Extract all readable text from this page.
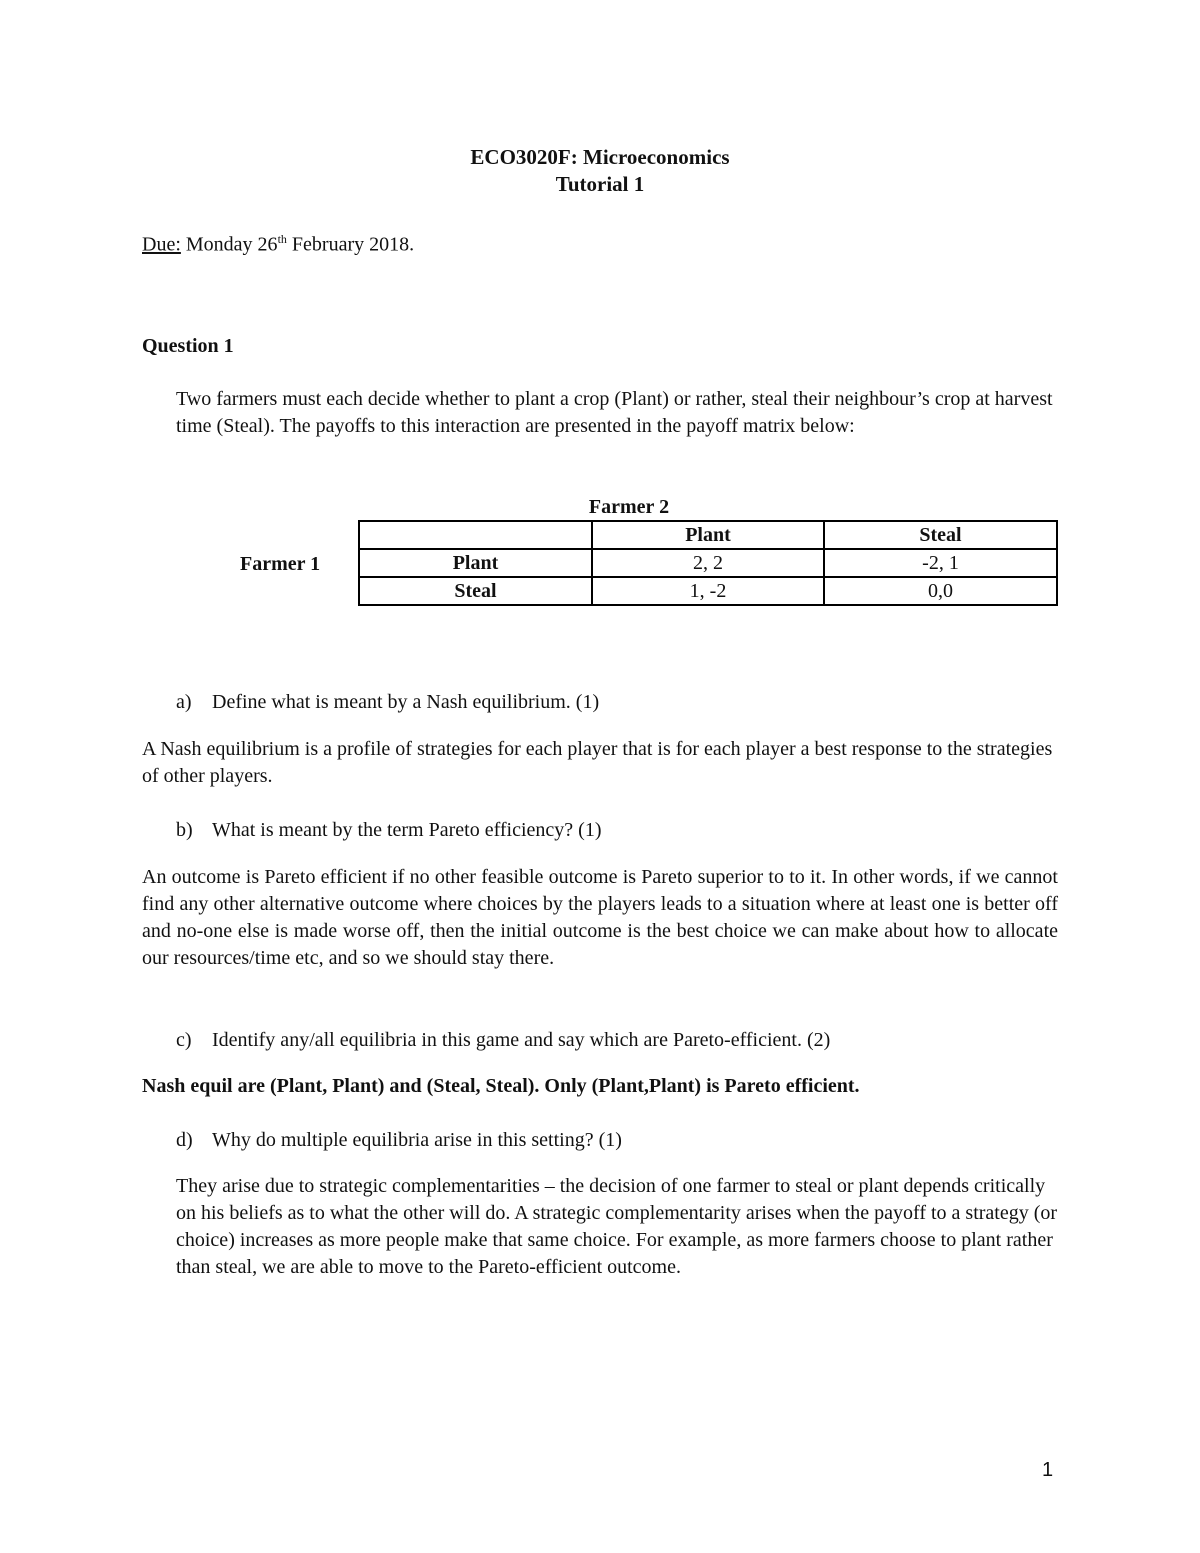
ECO3020F: Microeconomics
Tutorial 1
Due: Monday 26th February 2018.
Question 1
Two farmers must each decide whether to plant a crop (Plant) or rather, steal their neighbour’s crop at harvest time (Steal). The payoffs to this interaction are presented in the payoff matrix below:
Farmer 2
Farmer 1
	Plant	Steal
Plant	2, 2	-2, 1
Steal	1, -2	0,0
a) Define what is meant by a Nash equilibrium. (1)
A Nash equilibrium is a profile of strategies for each player that is for each player a best response to the strategies of other players.
b) What is meant by the term Pareto efficiency? (1)
An outcome is Pareto efficient if no other feasible outcome is Pareto superior to to it. In other words, if we cannot find any other alternative outcome where choices by the players leads to a situation where at least one is better off and no-one else is made worse off, then the initial outcome is the best choice we can make about how to allocate our resources/time etc, and so we should stay there.
c) Identify any/all equilibria in this game and say which are Pareto-efficient. (2)
Nash equil are (Plant, Plant) and (Steal, Steal). Only (Plant,Plant) is Pareto efficient.
d) Why do multiple equilibria arise in this setting? (1)
They arise due to strategic complementarities – the decision of one farmer to steal or plant depends critically on his beliefs as to what the other will do. A strategic complementarity arises when the payoff to a strategy (or choice) increases as more people make that same choice. For example, as more farmers choose to plant rather than steal, we are able to move to the Pareto-efficient outcome.
1
